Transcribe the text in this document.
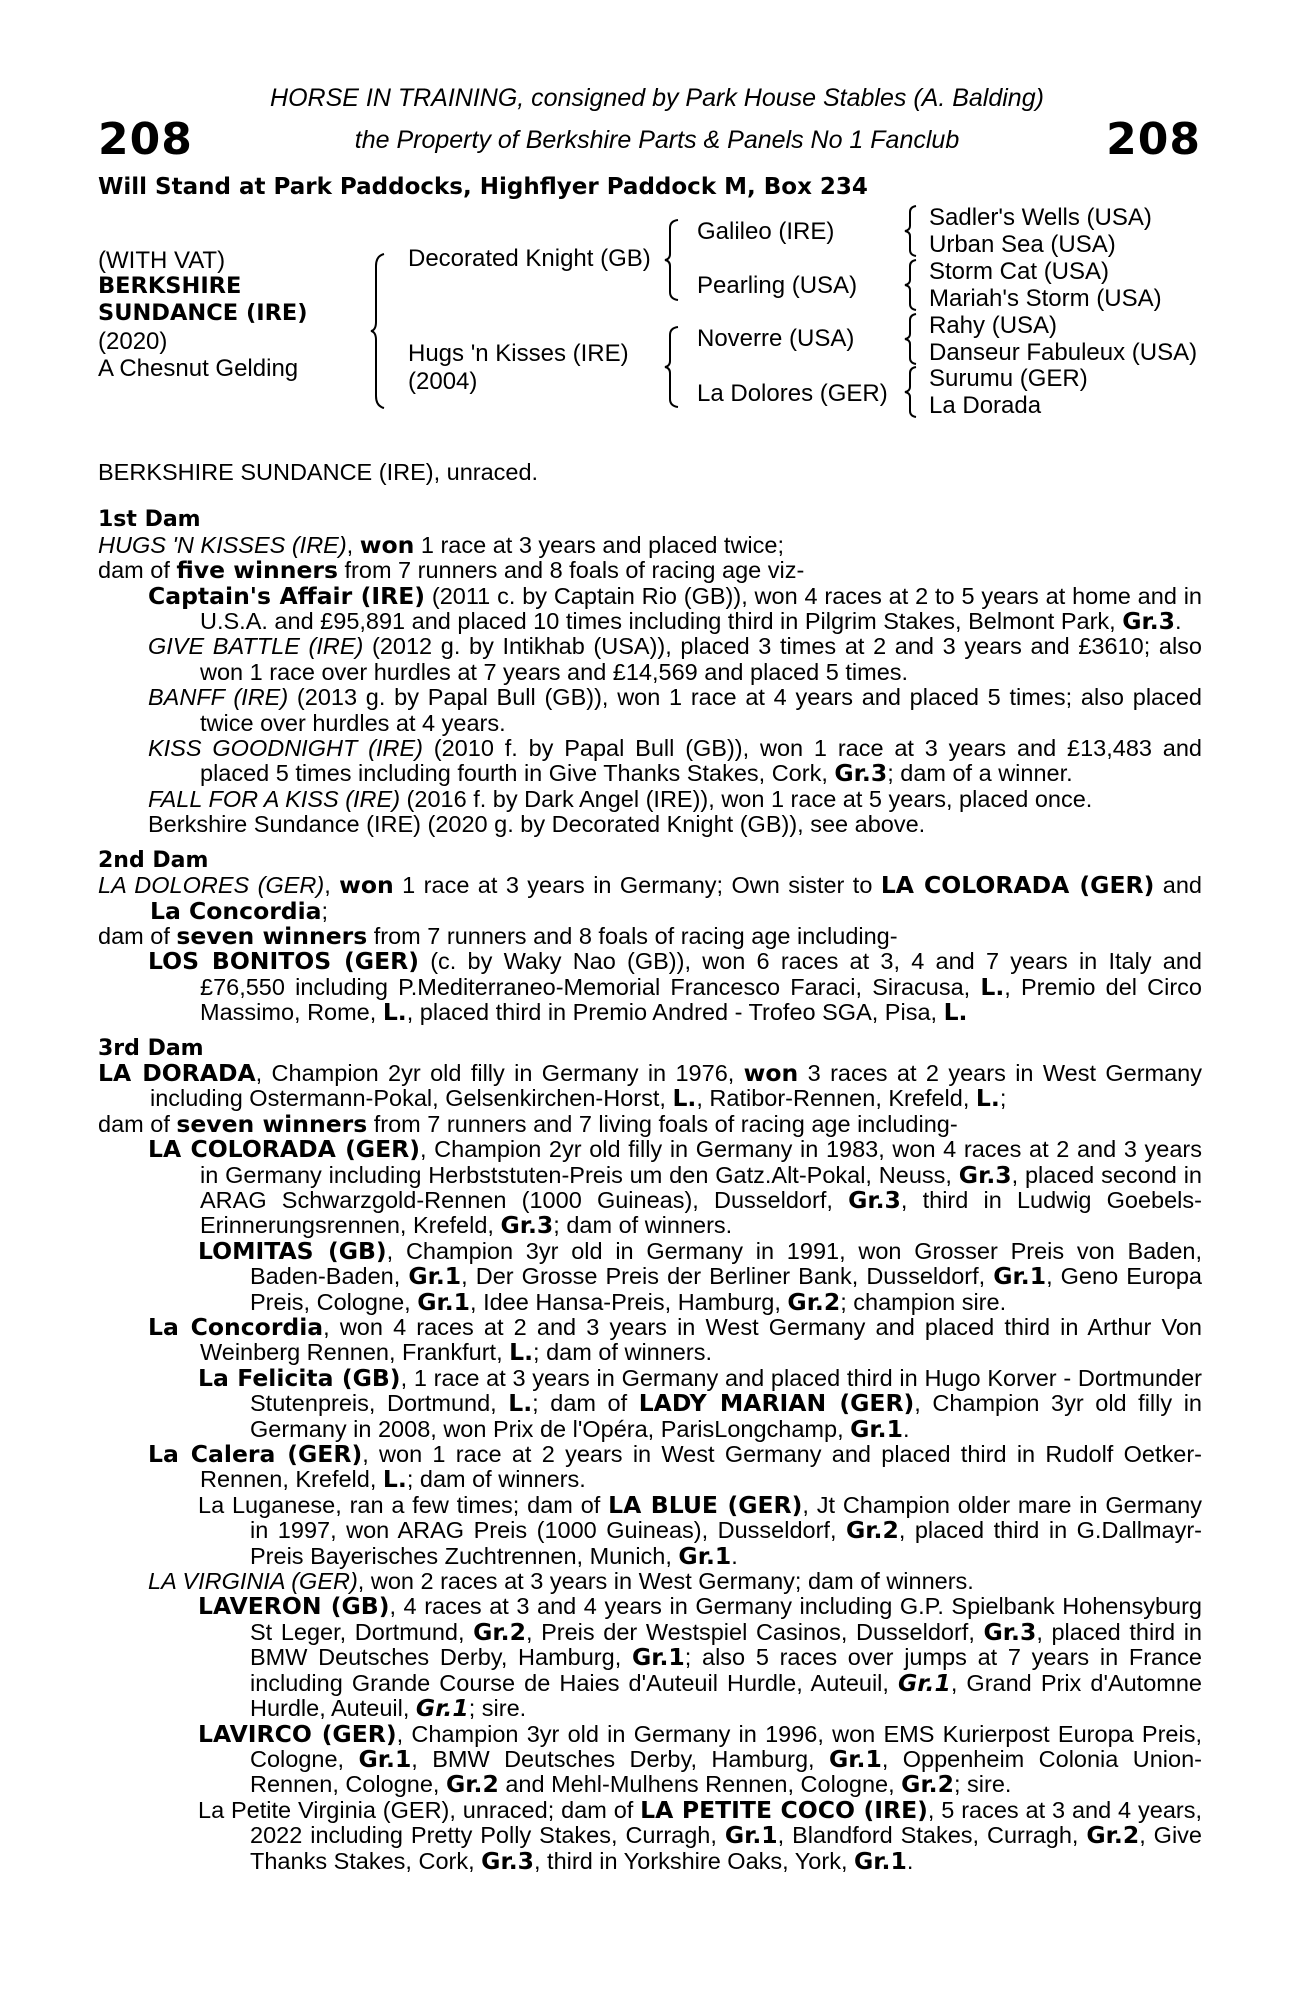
208	208
HORSE IN TRAINING, consigned by Park House Stables (A. Balding)
the Property of Berkshire Parts & Panels No 1 Fanclub
Will Stand at Park Paddocks, Highflyer Paddock M, Box 234
(WITH VAT)
BERKSHIRE
SUNDANCE (IRE)
(2020)
A Chesnut Gelding
Decorated Knight (GB)
Hugs 'n Kisses (IRE)
(2004)
Galileo (IRE)
Pearling (USA)
Noverre (USA)
La Dolores (GER)
Sadler's Wells (USA)
Urban Sea (USA)
Storm Cat (USA)
Mariah's Storm (USA)
Rahy (USA)
Danseur Fabuleux (USA)
Surumu (GER)
La Dorada

BERKSHIRE SUNDANCE (IRE), unraced.

1st Dam

HUGS 'N KISSES (IRE), won 1 race at 3 years and placed twice;

dam of five winners from 7 runners and 8 foals of racing age viz-

Captain's Affair (IRE) (2011 c. by Captain Rio (GB)), won 4 races at 2 to 5 years at home and in U.S.A. and £95,891 and placed 10 times including third in Pilgrim Stakes, Belmont Park, Gr.3.

GIVE BATTLE (IRE) (2012 g. by Intikhab (USA)), placed 3 times at 2 and 3 years and £3610; also won 1 race over hurdles at 7 years and £14,569 and placed 5 times.

BANFF (IRE) (2013 g. by Papal Bull (GB)), won 1 race at 4 years and placed 5 times; also placed twice over hurdles at 4 years.

KISS GOODNIGHT (IRE) (2010 f. by Papal Bull (GB)), won 1 race at 3 years and £13,483 and placed 5 times including fourth in Give Thanks Stakes, Cork, Gr.3; dam of a winner.

FALL FOR A KISS (IRE) (2016 f. by Dark Angel (IRE)), won 1 race at 5 years, placed once.

Berkshire Sundance (IRE) (2020 g. by Decorated Knight (GB)), see above.

2nd Dam

LA DOLORES (GER), won 1 race at 3 years in Germany; Own sister to LA COLORADA (GER) and La Concordia;

dam of seven winners from 7 runners and 8 foals of racing age including-

LOS BONITOS (GER) (c. by Waky Nao (GB)), won 6 races at 3, 4 and 7 years in Italy and £76,550 including P.Mediterraneo-Memorial Francesco Faraci, Siracusa, L., Premio del Circo Massimo, Rome, L., placed third in Premio Andred - Trofeo SGA, Pisa, L.

3rd Dam

LA DORADA, Champion 2yr old filly in Germany in 1976, won 3 races at 2 years in West Germany including Ostermann-Pokal, Gelsenkirchen-Horst, L., Ratibor-Rennen, Krefeld, L.;

dam of seven winners from 7 runners and 7 living foals of racing age including-

LA COLORADA (GER), Champion 2yr old filly in Germany in 1983, won 4 races at 2 and 3 years in Germany including Herbststuten-Preis um den Gatz.Alt-Pokal, Neuss, Gr.3, placed second in ARAG Schwarzgold-Rennen (1000 Guineas), Dusseldorf, Gr.3, third in Ludwig Goebels-Erinnerungsrennen, Krefeld, Gr.3; dam of winners.

LOMITAS (GB), Champion 3yr old in Germany in 1991, won Grosser Preis von Baden, Baden-Baden, Gr.1, Der Grosse Preis der Berliner Bank, Dusseldorf, Gr.1, Geno Europa Preis, Cologne, Gr.1, Idee Hansa-Preis, Hamburg, Gr.2; champion sire.

La Concordia, won 4 races at 2 and 3 years in West Germany and placed third in Arthur Von Weinberg Rennen, Frankfurt, L.; dam of winners.

La Felicita (GB), 1 race at 3 years in Germany and placed third in Hugo Korver - Dortmunder Stutenpreis, Dortmund, L.; dam of LADY MARIAN (GER), Champion 3yr old filly in Germany in 2008, won Prix de l'Opéra, ParisLongchamp, Gr.1.

La Calera (GER), won 1 race at 2 years in West Germany and placed third in Rudolf Oetker-Rennen, Krefeld, L.; dam of winners.

La Luganese, ran a few times; dam of LA BLUE (GER), Jt Champion older mare in Germany in 1997, won ARAG Preis (1000 Guineas), Dusseldorf, Gr.2, placed third in G.Dallmayr-Preis Bayerisches Zuchtrennen, Munich, Gr.1.

LA VIRGINIA (GER), won 2 races at 3 years in West Germany; dam of winners.

LAVERON (GB), 4 races at 3 and 4 years in Germany including G.P. Spielbank Hohensyburg St Leger, Dortmund, Gr.2, Preis der Westspiel Casinos, Dusseldorf, Gr.3, placed third in BMW Deutsches Derby, Hamburg, Gr.1; also 5 races over jumps at 7 years in France including Grande Course de Haies d'Auteuil Hurdle, Auteuil, Gr.1, Grand Prix d'Automne Hurdle, Auteuil, Gr.1; sire.

LAVIRCO (GER), Champion 3yr old in Germany in 1996, won EMS Kurierpost Europa Preis, Cologne, Gr.1, BMW Deutsches Derby, Hamburg, Gr.1, Oppenheim Colonia Union-Rennen, Cologne, Gr.2 and Mehl-Mulhens Rennen, Cologne, Gr.2; sire.

La Petite Virginia (GER), unraced; dam of LA PETITE COCO (IRE), 5 races at 3 and 4 years, 2022 including Pretty Polly Stakes, Curragh, Gr.1, Blandford Stakes, Curragh, Gr.2, Give Thanks Stakes, Cork, Gr.3, third in Yorkshire Oaks, York, Gr.1.
